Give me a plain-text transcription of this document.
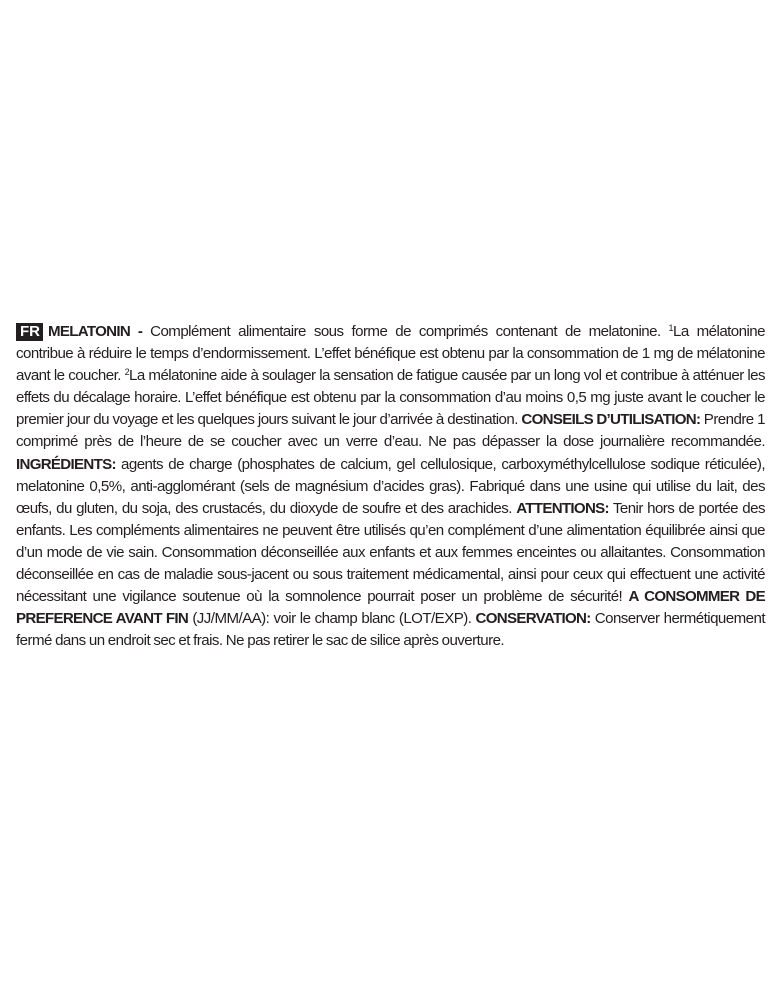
FR MELATONIN - Complément alimentaire sous forme de comprimés contenant de melatonine. $^1$La mélatonine contribue à réduire le temps d’endormissement. L’effet bénéfique est obtenu par la consommation de 1 mg de mélatonine avant le coucher. $^2$La mélatonine aide à soulager la sensation de fatigue causée par un long vol et contribue à atténuer les effets du décalage horaire. L’effet bénéfique est obtenu par la consommation d’au moins 0,5 mg juste avant le coucher le premier jour du voyage et les quelques jours suivant le jour d’arrivée à destination. CONSEILS D’UTILISATION: Prendre 1 comprimé près de l’heure de se coucher avec un verre d’eau. Ne pas dépasser la dose journalière recommandée. INGRÉDIENTS: agents de charge (phosphates de calcium, gel cellulosique, carboxyméthylcellulose sodique réticulée), melatonine 0,5%, anti-agglomérant (sels de magnésium d’acides gras). Fabriqué dans une usine qui utilise du lait, des œufs, du gluten, du soja, des crustacés, du dioxyde de soufre et des arachides. ATTENTIONS: Tenir hors de portée des enfants. Les compléments alimentaires ne peuvent être utilisés qu’en complément d’une alimentation équilibrée ainsi que d’un mode de vie sain. Consommation déconseillée aux enfants et aux femmes enceintes ou allaitantes. Consommation déconseillée en cas de maladie sous-jacent ou sous traitement médicamental, ainsi pour ceux qui effectuent une activité nécessitant une vigilance soutenue où la somnolence pourrait poser un problème de sécurité! A CONSOMMER DE PREFERENCE AVANT FIN (JJ/MM/AA): voir le champ blanc (LOT/EXP). CONSERVATION: Conserver hermétiquement fermé dans un endroit sec et frais. Ne pas retirer le sac de silice après ouverture.
